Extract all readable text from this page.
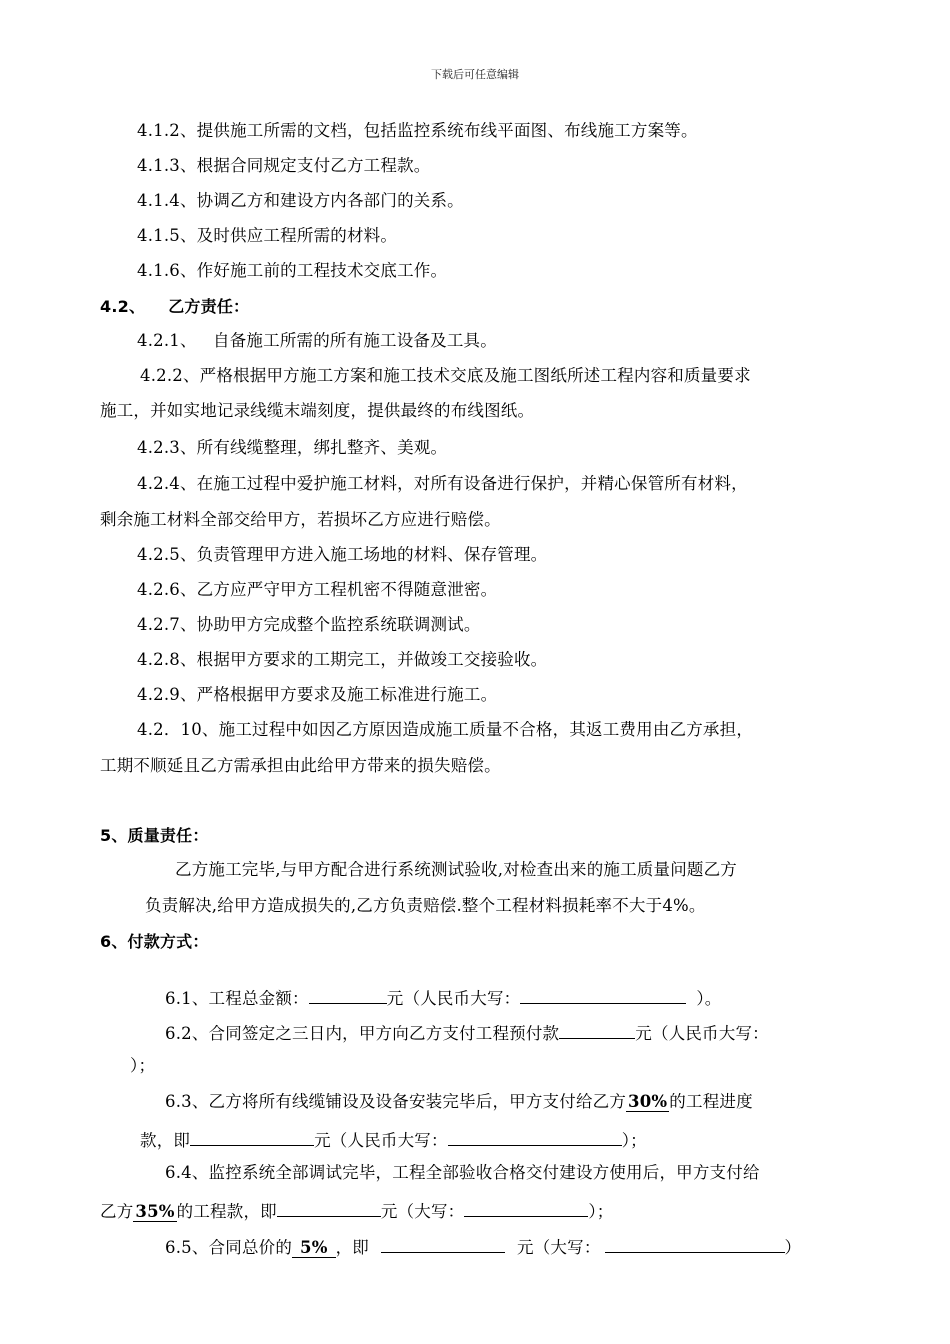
下载后可任意编辑
4.1.2、提供施工所需的文档，包括监控系统布线平面图、布线施工方案等。
4.1.3、根据合同规定支付乙方工程款。
4.1.4、协调乙方和建设方内各部门的关系。
4.1.5、及时供应工程所需的材料。
4.1.6、作好施工前的工程技术交底工作。
4.2、    乙方责任：
4.2.1、   自备施工所需的所有施工设备及工具。
4.2.2、严格根据甲方施工方案和施工技术交底及施工图纸所述工程内容和质量要求
施工，并如实地记录线缆末端刻度，提供最终的布线图纸。
4.2.3、所有线缆整理，绑扎整齐、美观。
4.2.4、在施工过程中爱护施工材料，对所有设备进行保护，并精心保管所有材料，
剩余施工材料全部交给甲方，若损坏乙方应进行赔偿。
4.2.5、负责管理甲方进入施工场地的材料、保存管理。
4.2.6、乙方应严守甲方工程机密不得随意泄密。
4.2.7、协助甲方完成整个监控系统联调测试。
4.2.8、根据甲方要求的工期完工，并做竣工交接验收。
4.2.9、严格根据甲方要求及施工标准进行施工。
4.2．10、施工过程中如因乙方原因造成施工质量不合格，其返工费用由乙方承担，
工期不顺延且乙方需承担由此给甲方带来的损失赔偿。
5、质量责任：
乙方施工完毕,与甲方配合进行系统测试验收,对检查出来的施工质量问题乙方
负责解决,给甲方造成损失的,乙方负责赔偿.整个工程材料损耗率不大于4%。
6、付款方式：
6.1、工程总金额：	元（人民币大写：	）。
6.2、合同签定之三日内，甲方向乙方支付工程预付款	元（人民币大写：
）；
6.3、乙方将所有线缆铺设及设备安装完毕后，甲方支付给乙方 30% 的工程进度
款，即	元（人民币大写：	）；
6.4、监控系统全部调试完毕，工程全部验收合格交付建设方使用后，甲方支付给
乙方 35% 的工程款，即	元（大写：	）；
6.5、合同总价的 5% ，即	元（大写：	）
